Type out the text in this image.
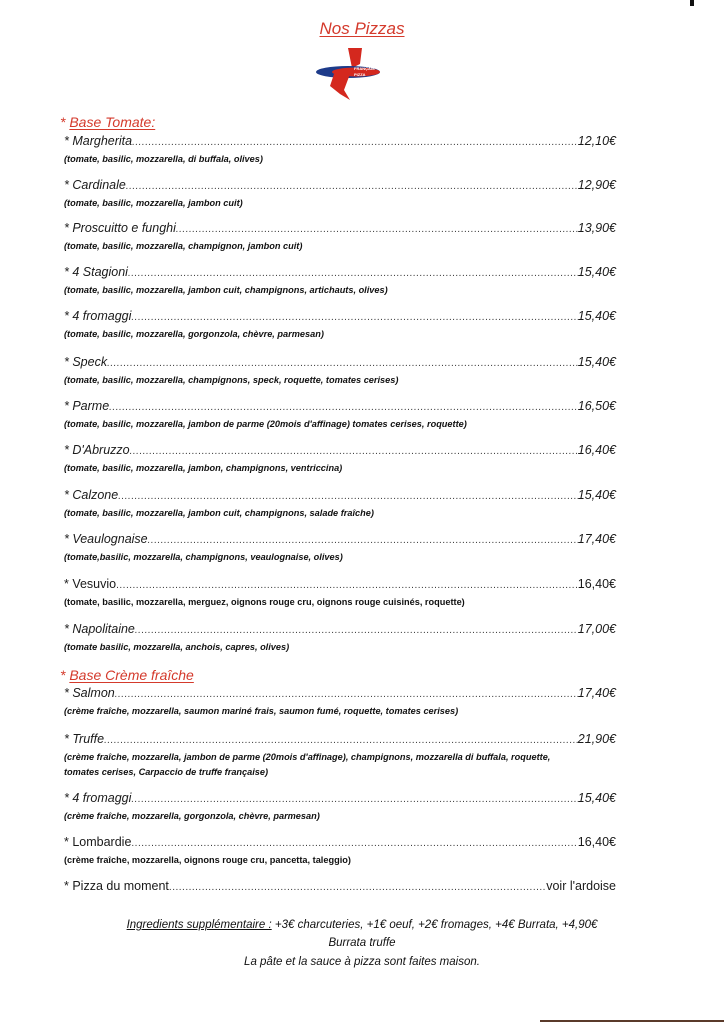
Nos Pizzas
FRANÇAIS
PIZZA
* Base Tomate:
* Margherita .....	12,10€
(tomate, basilic, mozzarella, di buffala, olives)
* Cardinale .....	12,90€
(tomate, basilic, mozzarella, jambon cuit)
* Proscuitto e funghi .....	13,90€
(tomate, basilic, mozzarella, champignon, jambon cuit)
* 4 Stagioni .....	15,40€
(tomate, basilic, mozzarella, jambon cuit, champignons, artichauts, olives)
* 4 fromaggi .....	15,40€
(tomate, basilic, mozzarella, gorgonzola, chèvre, parmesan)
* Speck .....	15,40€
(tomate, basilic, mozzarella, champignons, speck, roquette, tomates cerises)
* Parme .....	16,50€
(tomate, basilic, mozzarella, jambon de parme (20mois d'affinage) tomates cerises, roquette)
* D'Abruzzo .....	16,40€
(tomate, basilic, mozzarella, jambon, champignons, ventriccina)
* Calzone .....	15,40€
(tomate, basilic, mozzarella, jambon cuit, champignons, salade fraîche)
* Veaulognaise .....	17,40€
(tomate,basilic, mozzarella, champignons, veaulognaise, olives)
* Vesuvio .....	16,40€
(tomate, basilic, mozzarella, merguez, oignons rouge cru, oignons rouge cuisinés, roquette)
* Napolitaine .....	17,00€
(tomate basilic, mozzarella, anchois, capres, olives)
* Base Crème fraîche
* Salmon .....	17,40€
(crème fraîche, mozzarella, saumon mariné frais, saumon fumé, roquette, tomates cerises)
* Truffe .....	21,90€
(crème fraîche, mozzarella, jambon de parme (20mois d'affinage), champignons, mozzarella di buffala, roquette,
tomates cerises, Carpaccio de truffe française)
* 4 fromaggi .....	15,40€
(crème fraîche, mozzarella, gorgonzola, chèvre, parmesan)
* Lombardie .....	16,40€
(crème fraîche, mozzarella, oignons rouge cru, pancetta, taleggio)
* Pizza du moment .....	voir l'ardoise
Ingredients supplémentaire : +3€ charcuteries, +1€ oeuf, +2€ fromages, +4€ Burrata, +4,90€
Burrata truffe
La pâte et la sauce à pizza sont faites maison.
